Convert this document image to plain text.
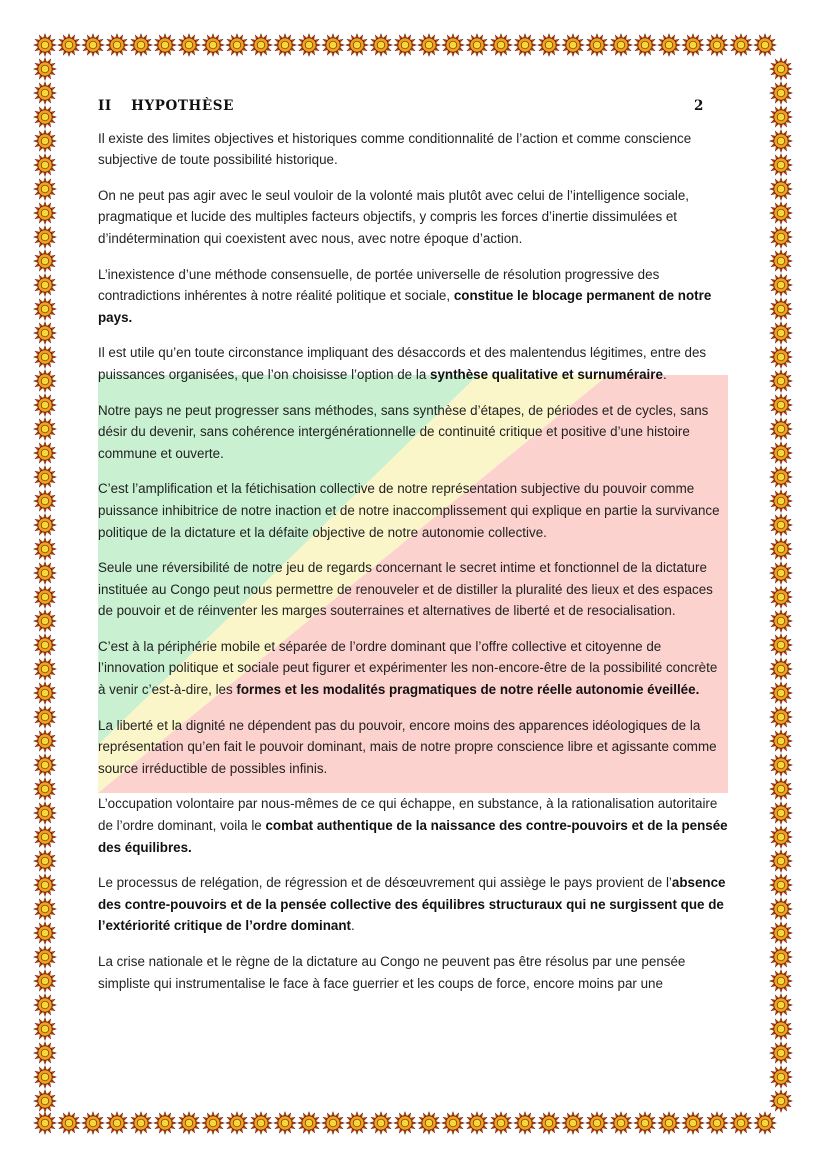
II HYPOTHÈSE	2

Il existe des limites objectives et historiques comme conditionnalité de l’action et comme conscience subjective de toute possibilité historique.

On ne peut pas agir avec le seul vouloir de la volonté mais plutôt avec celui de l’intelligence sociale, pragmatique et lucide des multiples facteurs objectifs, y compris les forces d’inertie dissimulées et d’indétermination qui coexistent avec nous, avec notre époque d’action.

L’inexistence d’une méthode consensuelle, de portée universelle de résolution progressive des contradictions inhérentes à notre réalité politique et sociale, constitue le blocage permanent de notre pays.

Il est utile qu’en toute circonstance impliquant des désaccords et des malentendus légitimes, entre des puissances organisées, que l’on choisisse l’option de la synthèse qualitative et surnuméraire.

Notre pays ne peut progresser sans méthodes, sans synthèse d’étapes, de périodes et de cycles, sans désir du devenir, sans cohérence intergénérationnelle de continuité critique et positive d’une histoire commune et ouverte.

C’est l’amplification et la fétichisation collective de notre représentation subjective du pouvoir comme puissance inhibitrice de notre inaction et de notre inaccomplissement qui explique en partie la survivance politique de la dictature et la défaite objective de notre autonomie collective.

Seule une réversibilité de notre jeu de regards concernant le secret intime et fonctionnel de la dictature instituée au Congo peut nous permettre de renouveler et de distiller la pluralité des lieux et des espaces de pouvoir et de réinventer les marges souterraines et alternatives de liberté et de resocialisation.

C’est à la périphérie mobile et séparée de l’ordre dominant que l’offre collective et citoyenne de l’innovation politique et sociale peut figurer et expérimenter les non-encore-être de la possibilité concrète à venir c’est-à-dire, les formes et les modalités pragmatiques de notre réelle autonomie éveillée.

La liberté et la dignité ne dépendent pas du pouvoir, encore moins des apparences idéologiques de la représentation qu’en fait le pouvoir dominant, mais de notre propre conscience libre et agissante comme source irréductible de possibles infinis.

L’occupation volontaire par nous-mêmes de ce qui échappe, en substance, à la rationalisation autoritaire de l’ordre dominant, voila le combat authentique de la naissance des contre-pouvoirs et de la pensée des équilibres.

Le processus de relégation, de régression et de désœuvrement qui assiège le pays provient de l’absence des contre-pouvoirs et de la pensée collective des équilibres structuraux qui ne surgissent que de l’extériorité critique de l’ordre dominant.

La crise nationale et le règne de la dictature au Congo ne peuvent pas être résolus par une pensée simpliste qui instrumentalise le face à face guerrier et les coups de force, encore moins par une
